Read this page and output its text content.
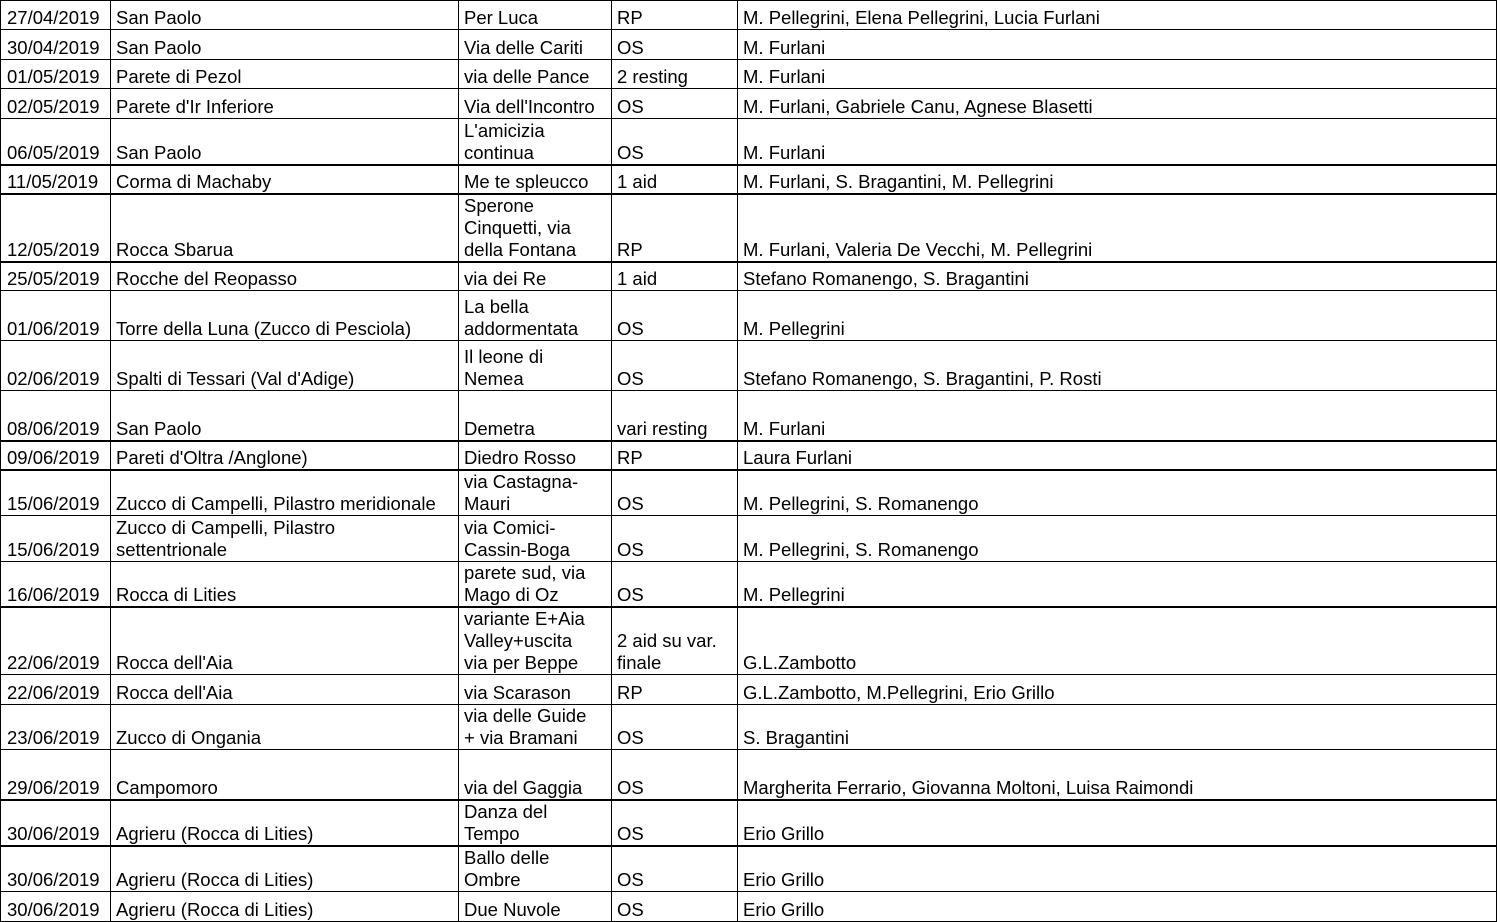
27/04/2019	San Paolo	Per Luca	RP	M. Pellegrini, Elena Pellegrini, Lucia Furlani
30/04/2019	San Paolo	Via delle Cariti	OS	M. Furlani
01/05/2019	Parete di Pezol	via delle Pance	2 resting	M. Furlani
02/05/2019	Parete d'Ir Inferiore	Via dell'Incontro	OS	M. Furlani, Gabriele Canu, Agnese Blasetti
06/05/2019	San Paolo	L'amicizia
continua	OS	M. Furlani
11/05/2019	Corma di Machaby	Me te spleucco	1 aid	M. Furlani, S. Bragantini, M. Pellegrini
12/05/2019	Rocca Sbarua	Sperone
Cinquetti, via
della Fontana	RP	M. Furlani, Valeria De Vecchi, M. Pellegrini
25/05/2019	Rocche del Reopasso	via dei Re	1 aid	Stefano Romanengo, S. Bragantini
01/06/2019	Torre della Luna (Zucco di Pesciola)	La bella
addormentata	OS	M. Pellegrini
02/06/2019	Spalti di Tessari (Val d'Adige)	Il leone di
Nemea	OS	Stefano Romanengo, S. Bragantini, P. Rosti
08/06/2019	San Paolo	Demetra	vari resting	M. Furlani
09/06/2019	Pareti d'Oltra /Anglone)	Diedro Rosso	RP	Laura Furlani
15/06/2019	Zucco di Campelli, Pilastro meridionale	via Castagna-
Mauri	OS	M. Pellegrini, S. Romanengo
15/06/2019	Zucco di Campelli, Pilastro
settentrionale	via Comici-
Cassin-Boga	OS	M. Pellegrini, S. Romanengo
16/06/2019	Rocca di Lities	parete sud, via
Mago di Oz	OS	M. Pellegrini
22/06/2019	Rocca dell'Aia	variante E+Aia
Valley+uscita
via per Beppe	2 aid su var.
finale	G.L.Zambotto
22/06/2019	Rocca dell'Aia	via Scarason	RP	G.L.Zambotto, M.Pellegrini, Erio Grillo
23/06/2019	Zucco di Ongania	via delle Guide
+ via Bramani	OS	S. Bragantini
29/06/2019	Campomoro	via del Gaggia	OS	Margherita Ferrario, Giovanna Moltoni, Luisa Raimondi
30/06/2019	Agrieru (Rocca di Lities)	Danza del
Tempo	OS	Erio Grillo
30/06/2019	Agrieru (Rocca di Lities)	Ballo delle
Ombre	OS	Erio Grillo
30/06/2019	Agrieru (Rocca di Lities)	Due Nuvole	OS	Erio Grillo
